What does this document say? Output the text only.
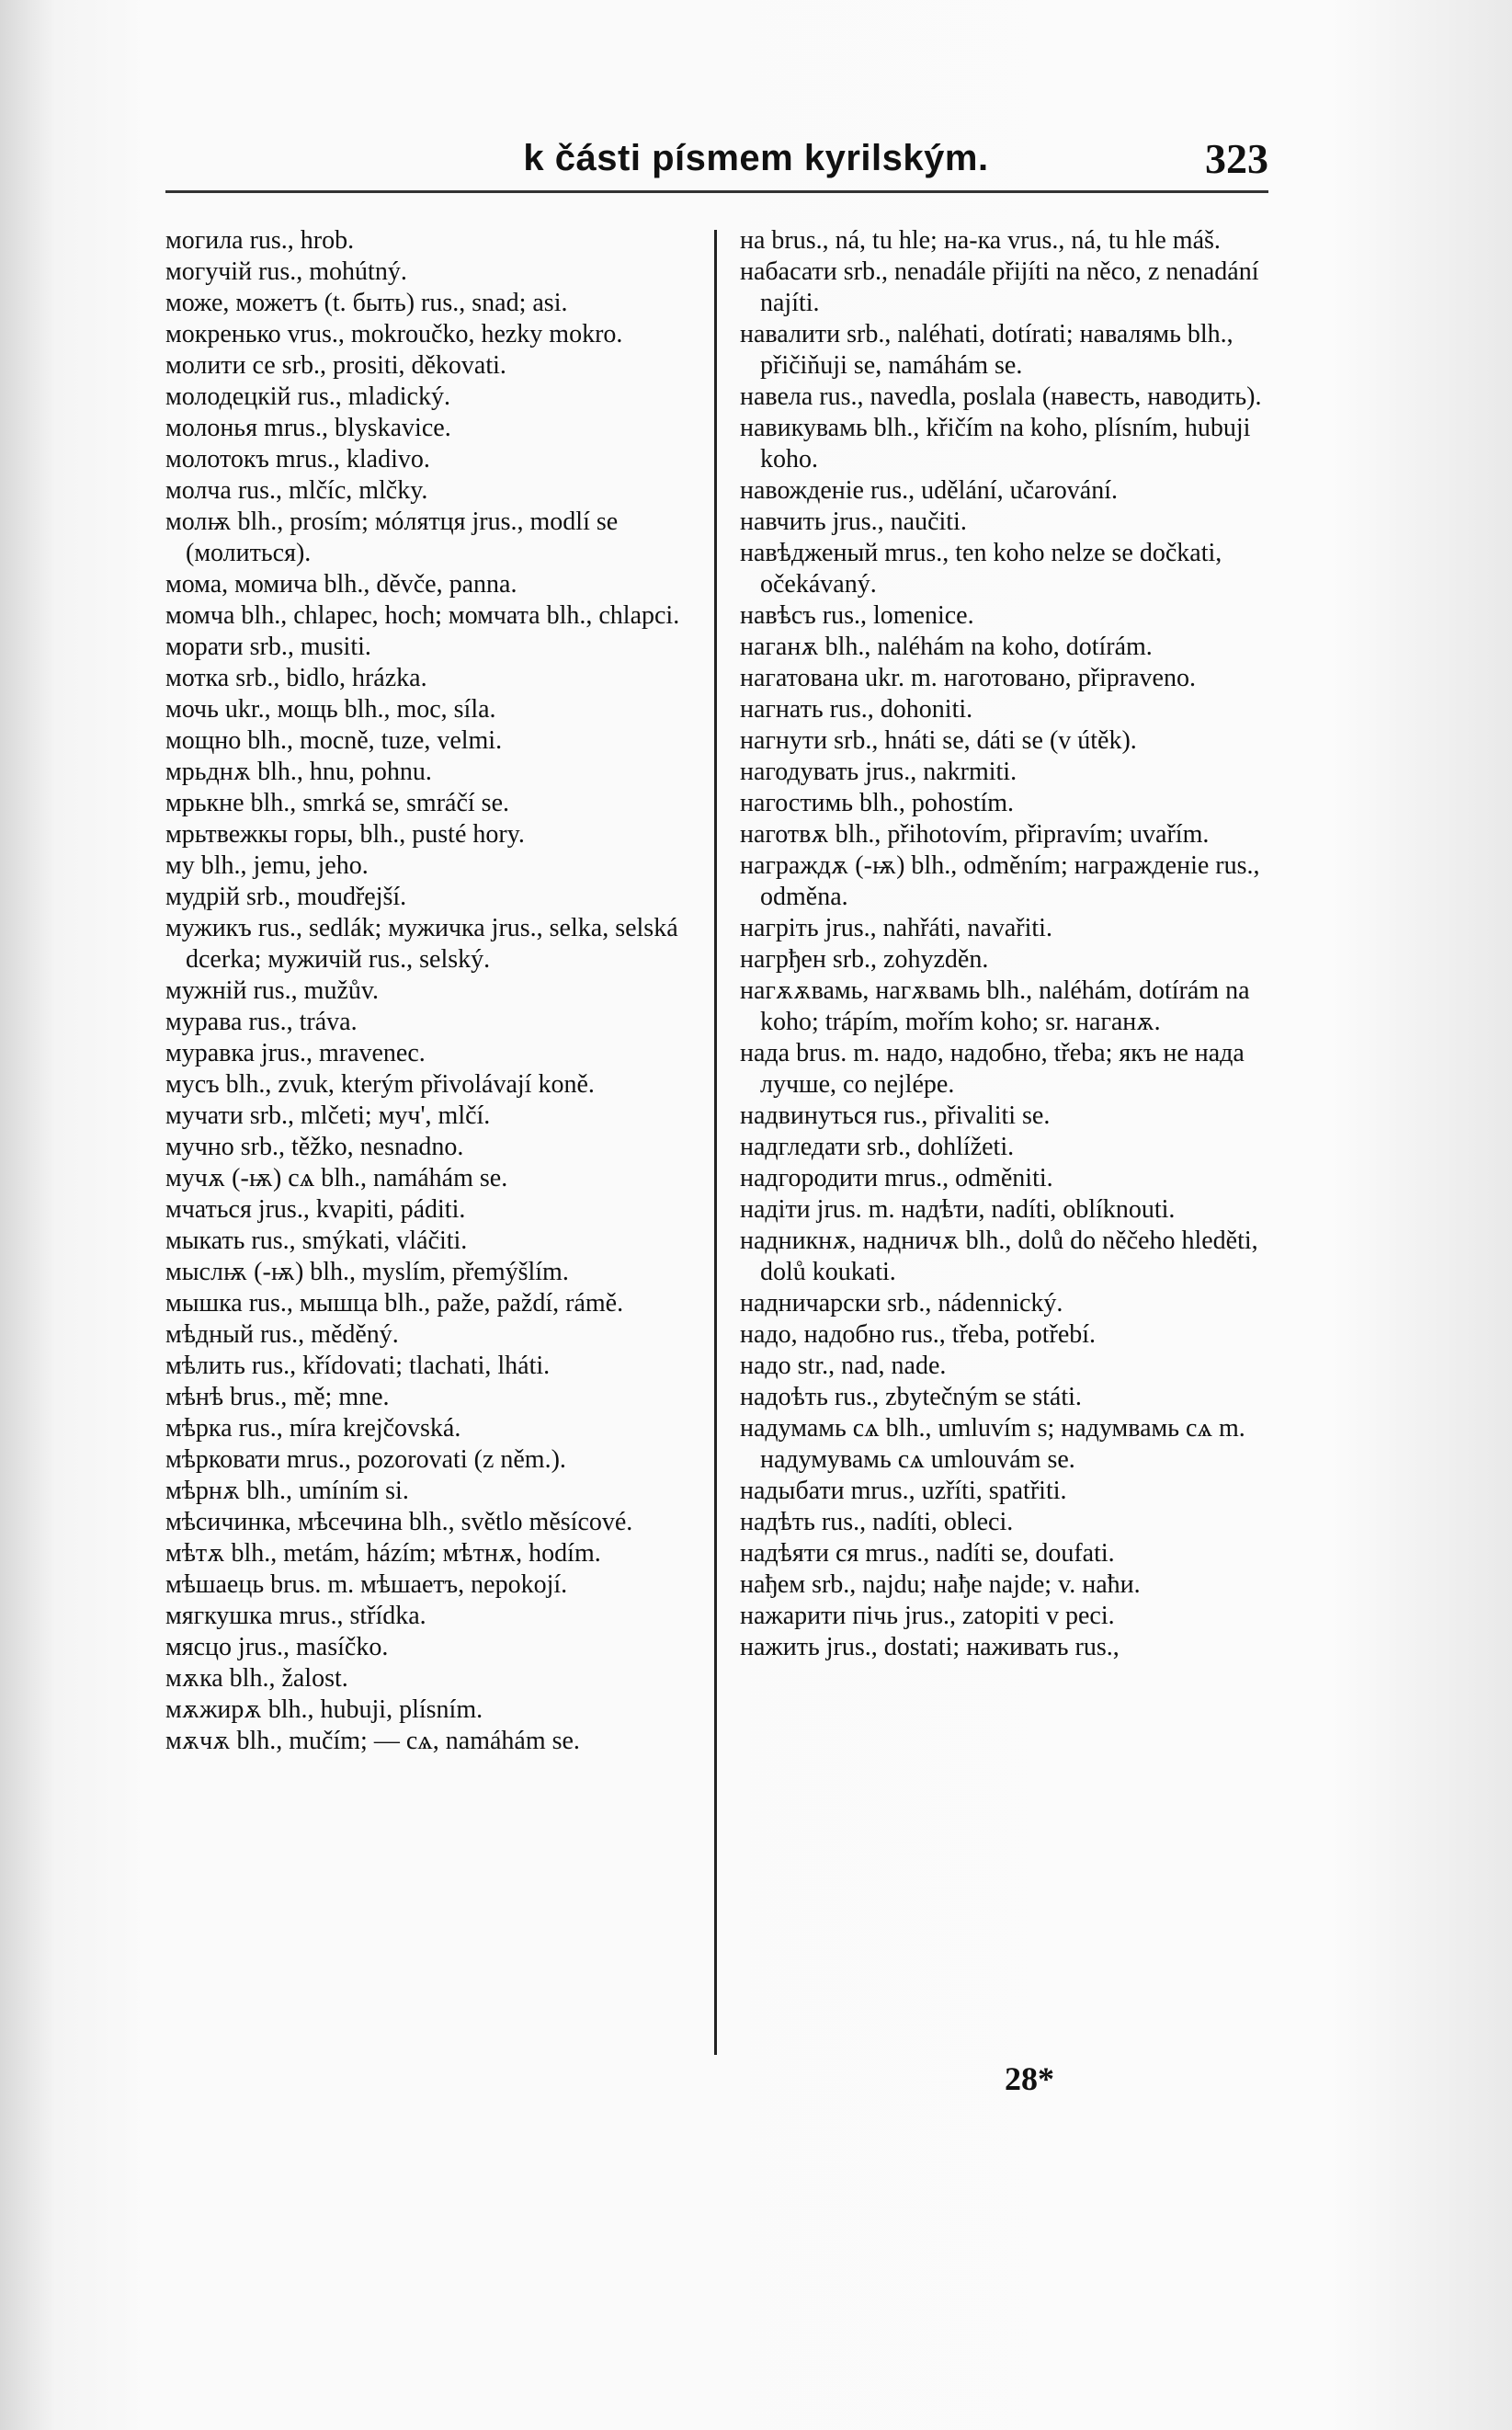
k části písmem kyrilským.	323

могила rus., hrob.

могучій rus., mohútný.

може, можетъ (t. быть) rus., snad; asi.

мокренько vrus., mokroučko, hezky mokro.

молити се srb., prositi, děkovati.

молодецкій rus., mladický.

молонья mrus., blyskavice.

молотокъ mrus., kladivo.

молча rus., mlčíc, mlčky.

молѭ blh., prosím; мóлятця jrus., modlí se (молиться).

мома, момича blh., děvče, panna.

момча blh., chlapec, hoch; момчата blh., chlapci.

морати srb., musiti.

мотка srb., bidlo, hrázka.

мочь ukr., мощь blh., moc, síla.

мощно blh., mocně, tuze, velmi.

мрьднѫ blh., hnu, pohnu.

мрькне blh., smrká se, smráčí se.

мрьтвежкы горы, blh., pusté hory.

му blh., jemu, jeho.

мудрій srb., moudřejší.

мужикъ rus., sedlák; мужичка jrus., selka, selská dcerka; мужичій rus., selský.

мужній rus., mužův.

мурава rus., tráva.

муравка jrus., mravenec.

мусъ blh., zvuk, kterým přivolávají koně.

мучати srb., mlčeti; муч', mlčí.

мучно srb., těžko, nesnadno.

мучѫ (-ѭ) сѧ blh., namáhám se.

мчаться jrus., kvapiti, páditi.

мыкать rus., smýkati, vláčiti.

мыслѭ (-ѭ) blh., myslím, přemýšlím.

мышка rus., мышца blh., paže, paždí, rámě.

мѣдный rus., měděný.

мѣлить rus., křídovati; tlachati, lháti.

мѣнѣ brus., mě; mne.

мѣрка rus., míra krejčovská.

мѣрковати mrus., pozorovati (z něm.).

мѣрнѫ blh., umíním si.

мѣсичинка, мѣсечина blh., světlo měsícové.

мѣтѫ blh., metám, házím; мѣтнѫ, hodím.

мѣшаець brus. m. мѣшаетъ, nepokojí.

мягкушка mrus., střídka.

мясцо jrus., masíčko.

мѫка blh., žalost.

мѫжирѫ blh., hubuji, plísním.

мѫчѫ blh., mučím; — сѧ, namáhám se.

на brus., ná, tu hle; на-ка vrus., ná, tu hle máš.

набасати srb., nenadále přijíti na něco, z nenadání najíti.

навалити srb., naléhati, dotírati; навалямь blh., přičiňuji se, namáhám se.

навела rus., navedla, poslala (навесть, наводить).

навикувамь blh., křičím na koho, plísním, hubuji koho.

навожденіе rus., udělání, učarování.

навчить jrus., naučiti.

навѣдженый mrus., ten koho nelze se dočkati, očekávaný.

навѣсъ rus., lomenice.

наганѫ blh., naléhám na koho, dotírám.

нагатована ukr. m. наготовано, připraveno.

нагнать rus., dohoniti.

нагнути srb., hnáti se, dáti se (v útěk).

нагодувать jrus., nakrmiti.

нагостимь blh., pohostím.

наготвѫ blh., přihotovím, připravím; uvařím.

награждѫ (-ѭ) blh., odměním; награжденіе rus., odměna.

нагріть jrus., nahřáti, navařiti.

нагрђен srb., zohyzděn.

нагѫѫвамь, нагѫвамь blh., naléhám, dotírám na koho; trápím, mořím koho; sr. наганѫ.

нада brus. m. надо, надобно, třeba; якъ не нада лучше, co nejlépe.

надвинуться rus., přivaliti se.

надгледати srb., dohlížeti.

надгородити mrus., odměniti.

надіти jrus. m. надѣти, nadíti, oblíknouti.

надникнѫ, надничѫ blh., dolů do něčeho hleděti, dolů koukati.

надничарски srb., nádennický.

надо, надобно rus., třeba, potřebí.

надо str., nad, nade.

надоѣть rus., zbytečným se státi.

надумамь сѧ blh., umluvím s; надумвамь сѧ m. надумувамь сѧ umlouvám se.

надыбати mrus., uzříti, spatřiti.

надѣть rus., nadíti, obleci.

надѣяти ся mrus., nadíti se, doufati.

нађем srb., najdu; нађе najde; v. наћи.

нажарити пічь jrus., zatopiti v peci.

нажить jrus., dostati; наживать rus.,

28*
